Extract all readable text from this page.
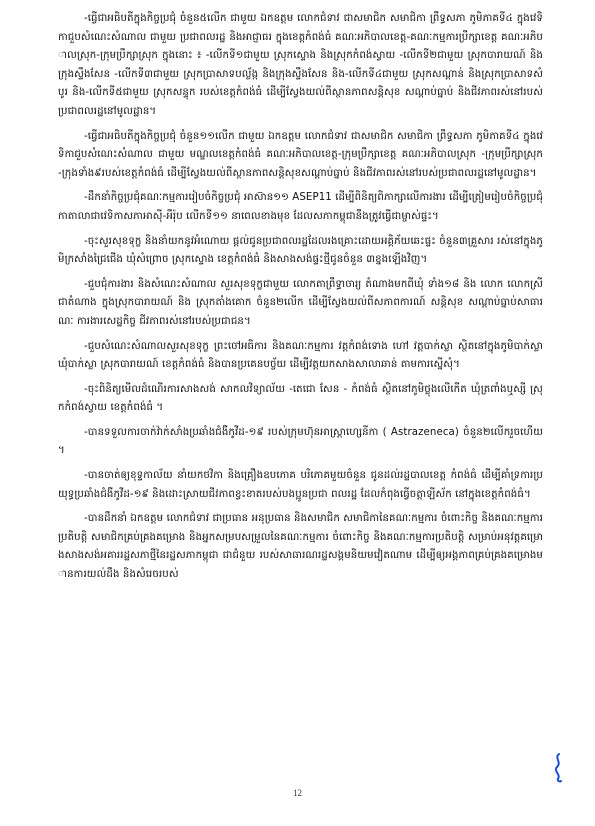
-ធ្វើជាអធិបតីក្នុងកិច្ចប្រជុំ ចំនួន៥លើក ជាមួយ ឯកឧត្តម លោកជំទាវ ជាសមាជិក សមាជិកា ព្រឹទ្ធសភា ភូមិភាគទី៤ ក្នុងវេទិកាជួបសំណេះសំណាល ជាមួយ ប្រជាពលរដ្ឋ និងអាជ្ញាធរ ក្នុងខេត្តកំពង់ធំ គណៈអភិបាលខេត្ត-គណៈកម្មការប្រឹក្សាខេត្ត គណៈអភិបាលស្រុក-ក្រុមប្រឹក្សាស្រុក ក្នុងនោះ ៖ -លើកទី១ជាមួយ ស្រុកស្ទោង និងស្រុកកំពង់ស្វាយ -លើកទី២ជាមួយ ស្រុកបារាយណ៍ និង ក្រុងស្ទឹងសែន -លើកទី៣ជាមួយ ស្រុកប្រាសាទបល្ល័ង្ក និងក្រុងស្ទឹងសែន និង-លើកទី៤ជាមួយ ស្រុកសណ្តាន់ និងស្រុកប្រាសាទសំបូរ និង-លើកទី៥ជាមួយ ស្រុកសន្ទុក របស់ខេត្តកំពង់ធំ ដើម្បីស្វែងយល់ពីស្ថានភាពសន្តិសុខ សណ្តាប់ធ្នាប់ និងជីវភាពរស់នៅរបស់ប្រជាពលរដ្ឋនៅមូលដ្ឋាន។

-ធ្វើជាអធិបតីក្នុងកិច្ចប្រជុំ ចំនួន១១លើក ជាមួយ ឯកឧត្តម លោកជំទាវ ជាសមាជិក សមាជិកា ព្រឹទ្ធសភា ភូមិភាគទី៤ ក្នុងវេទិកាជួបសំណេះសំណាល ជាមួយ មណ្ឌលខេត្តកំពង់ធំ គណៈអភិបាលខេត្ត-ក្រុមប្រឹក្សាខេត្ត គណៈអភិបាលស្រុក -ក្រុមប្រឹក្សាស្រុក -ក្រុងទាំង៩របស់ខេត្តកំពង់ធំ ដើម្បីស្វែងយល់ពីស្ថានភាពសន្តិសុខសណ្តាប់ធ្នាប់ និងជីវភាពរស់នៅរបស់ប្រជាពលរដ្ឋនៅមូលដ្ឋាន។

-ដឹកនាំកិច្ចប្រជុំគណៈកម្មការរៀបចំកិច្ចប្រជុំ អាស៊ាន១១ ASEP11 ដើម្បីពិនិត្យពិភាក្សាលើការងារ ដើម្បីត្រៀមរៀបចំកិច្ចប្រជុំកាតាលាជាវេទិកាសភាអាស៊ី-អឺរ៉ុប លើកទី១១ នាពេលខាងមុខ ដែលសភាកម្ពុជានឹងត្រូវធ្វើជាម្ចាស់ផ្ទះ។

-ចុះសួរសុខទុក្ខ និងនាំយកនូវអំណោយ ផ្តល់ជូនប្រជាពលរដ្ឋដែលរងគ្រោះដោយអគ្គិភ័យឆេះផ្ទះ ចំនួន៣គ្រួសារ រស់នៅក្នុងភូមិក្រសាំងជ្រៃជើង ឃុំសំព្រោច ស្រុកស្ទោង ខេត្តកំពង់ធំ និងសាងសង់ផ្ទះថ្មីជូនចំនួន ៣ខ្នងឡើងវិញ។

-ជួបជុំការងារ និងសំណេះសំណាល សួរសុខទុក្ខជាមួយ លោកតាព្រឹទ្ធាចារ្យ តំណាងមកពីឃុំ ទាំង១៨ និង លោក លោកស្រីជាតំណាង ក្នុងស្រុកបារាយណ៍ និង ស្រុកតាំងគោក ចំនួន២លើក ដើម្បីស្វែងយល់ពីសភាពការណ៍ សន្តិសុខ សណ្តាប់ធ្នាប់សាធារណៈ ការងារសេដ្ឋកិច្ច ជីវភាពរស់នៅរបស់ប្រជាជន។

-ជួបសំណេះសំណាលសួរសុខទុក្ខ ព្រះចៅអធិការ និងគណៈកម្មការ វត្តកំពង់ទោង ហៅ វត្តបាក់ស្លា ស្ថិតនៅក្នុងភូមិបាក់ស្លា ឃុំបាក់ស្លា ស្រុកបារាយណ៍ ខេត្តកំពង់ធំ និងបានប្រគេនបច្ច័យ ដើម្បីវត្តយកសាងសាលាឆាន់ តាមការស្នើសុំ។

-ចុះពិនិត្យមើលដំណើរការសាងសង់ សាកលវិទ្យាល័យ -តេជោ សែន - កំពង់ធំ ស្ថិតនៅភូមិថ្លុងលើកើត ឃុំត្រពាំងឬស្សី ស្រុកកំពង់ស្វាយ ខេត្តកំពង់ធំ ។

-បានទទួលការចាក់វ៉ាក់សាំងប្រឆាំងជំងឺកូវីដ-១៩ របស់ក្រុមហ៊ុនអាស្រ្តាហ្សេនីកា ( Astrazeneca) ចំនួន២លើករួចហើយ។

-បានចាត់ឲ្យខុទ្ទកាល័យ នាំយកថវិកា និងគ្រឿងឧបភោគ បរិភោគមួយចំនួន ជូនដល់រដ្ឋបាលខេត្ត កំពង់ធំ ដើម្បីគាំទ្រការប្រយុទ្ធប្រឆាំងជំងឺកូវីដ-១៩ និងដោះស្រាយជីវភាពខ្វះខាតរបស់បងប្អូនប្រជា ពលរដ្ឋ ដែលកំពុងធ្វើចត្តាឡីស័ក នៅក្នុងខេត្តកំពង់ធំ។

-បានដឹកនាំ ឯកឧត្តម លោកជំទាវ ជាប្រធាន អនុប្រធាន និងសមាជិក សមាជិកានៃគណៈកម្មការ ចំពោះកិច្ច និងគណៈកម្មការប្រតិបត្តិ សមាជិកគ្រប់គ្រងគម្រោង និងអ្នកសម្របសម្រួលនៃគណៈកម្មការ ចំពោះកិច្ច និងគណៈកម្មការប្រតិបត្តិ សម្រាប់អនុវត្តគម្រោងសាងសង់អគាររដ្ឋសភាថ្មីនៃរដ្ឋសភាកម្ពុជា ជាជំនួយ របស់សាធារណរដ្ឋសង្គមនិយមវៀតណាម ដើម្បីឲ្យអង្គភាពគ្រប់គ្រងគម្រោងមានការយល់ដឹង និងសំរេចរបស់

12
